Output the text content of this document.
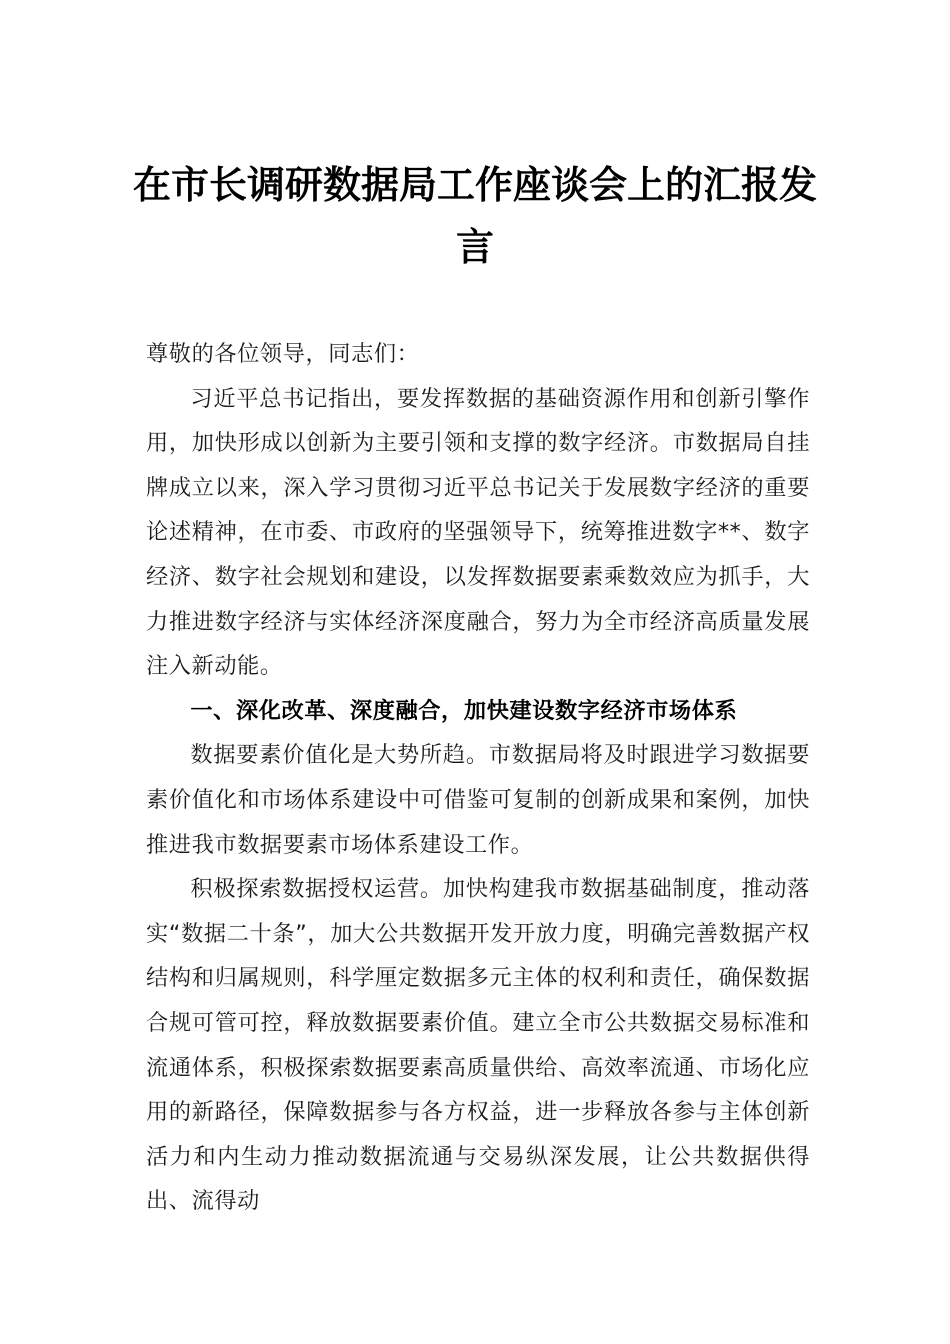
在市长调研数据局工作座谈会上的汇报发言

尊敬的各位领导，同志们：

习近平总书记指出，要发挥数据的基础资源作用和创新引擎作用，加快形成以创新为主要引领和支撑的数字经济。市数据局自挂牌成立以来，深入学习贯彻习近平总书记关于发展数字经济的重要论述精神，在市委、市政府的坚强领导下，统筹推进数字**、数字经济、数字社会规划和建设，以发挥数据要素乘数效应为抓手，大力推进数字经济与实体经济深度融合，努力为全市经济高质量发展注入新动能。

一、深化改革、深度融合，加快建设数字经济市场体系

数据要素价值化是大势所趋。市数据局将及时跟进学习数据要素价值化和市场体系建设中可借鉴可复制的创新成果和案例，加快推进我市数据要素市场体系建设工作。

积极探索数据授权运营。加快构建我市数据基础制度，推动落实“数据二十条”，加大公共数据开发开放力度，明确完善数据产权结构和归属规则，科学厘定数据多元主体的权利和责任，确保数据合规可管可控，释放数据要素价值。建立全市公共数据交易标准和流通体系，积极探索数据要素高质量供给、高效率流通、市场化应用的新路径，保障数据参与各方权益，进一步释放各参与主体创新活力和内生动力推动数据流通与交易纵深发展，让公共数据供得出、流得动
